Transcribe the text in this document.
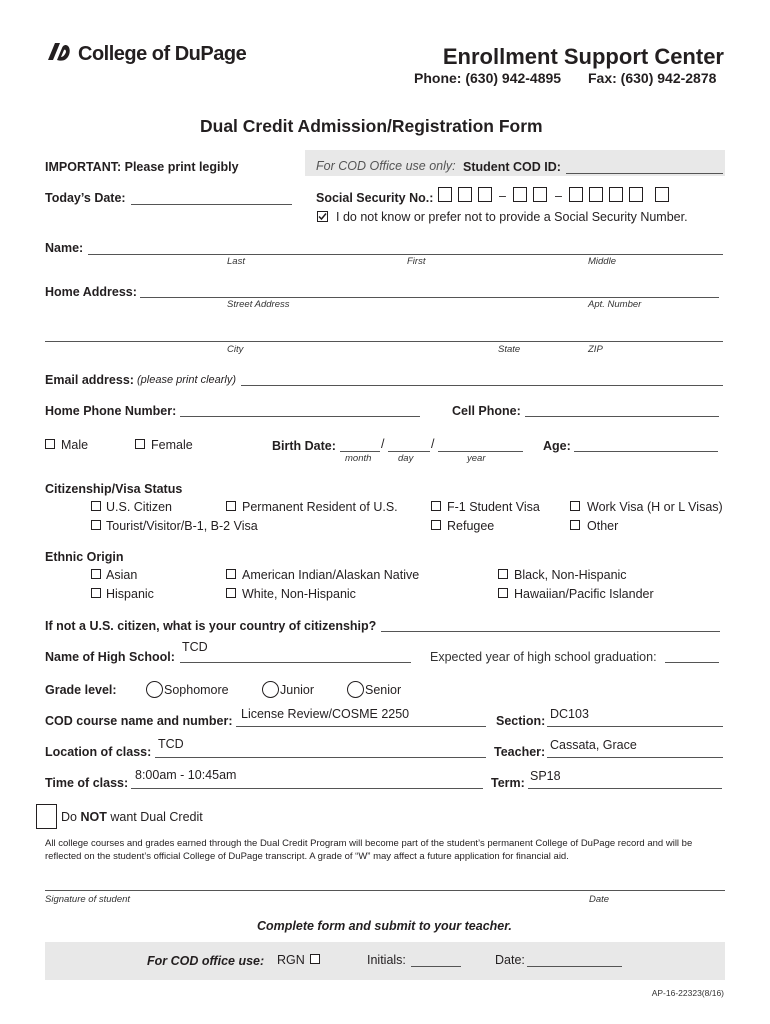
College of DuPage	Enrollment Support Center
Phone: (630) 942-4895 Fax: (630) 942-2878
Dual Credit Admission/Registration Form
IMPORTANT: Please print legibly	For COD Office use only: Student COD ID:
Today’s Date:	Social Security No.:	–	–
I do not know or prefer not to provide a Social Security Number.
Name:
Last	First	Middle
Home Address:
Street Address	Apt. Number
City	State	ZIP
Email address: (please print clearly)
Home Phone Number:	Cell Phone:
Male	Female	Birth Date:	/	/
month	day	year
Age:
Citizenship/Visa Status
U.S. Citizen	Permanent Resident of U.S.	F-1 Student Visa	Work Visa (H or L Visas)
Tourist/Visitor/B-1, B-2 Visa	Refugee	Other
Ethnic Origin
Asian	American Indian/Alaskan Native	Black, Non-Hispanic
Hispanic	White, Non-Hispanic	Hawaiian/Pacific Islander
If not a U.S. citizen, what is your country of citizenship?
Name of High School:
TCD
Expected year of high school graduation:
Grade level:	Sophomore	Junior	Senior
COD course name and number: License Review/COSME 2250	Section: DC103
Location of class:
TCD
Teacher: Cassata, Grace
Time of class:
8:00am - 10:45am
Term: SP18
Do NOT want Dual Credit
All college courses and grades earned through the Dual Credit Program will become part of the student’s permanent College of DuPage record and will be reflected on the student’s official College of DuPage transcript. A grade of “W” may affect a future application for financial aid.
Signature of student	Date
Complete form and submit to your teacher.
For COD office use: RGN	Initials:	Date:
AP-16-22323(8/16)
